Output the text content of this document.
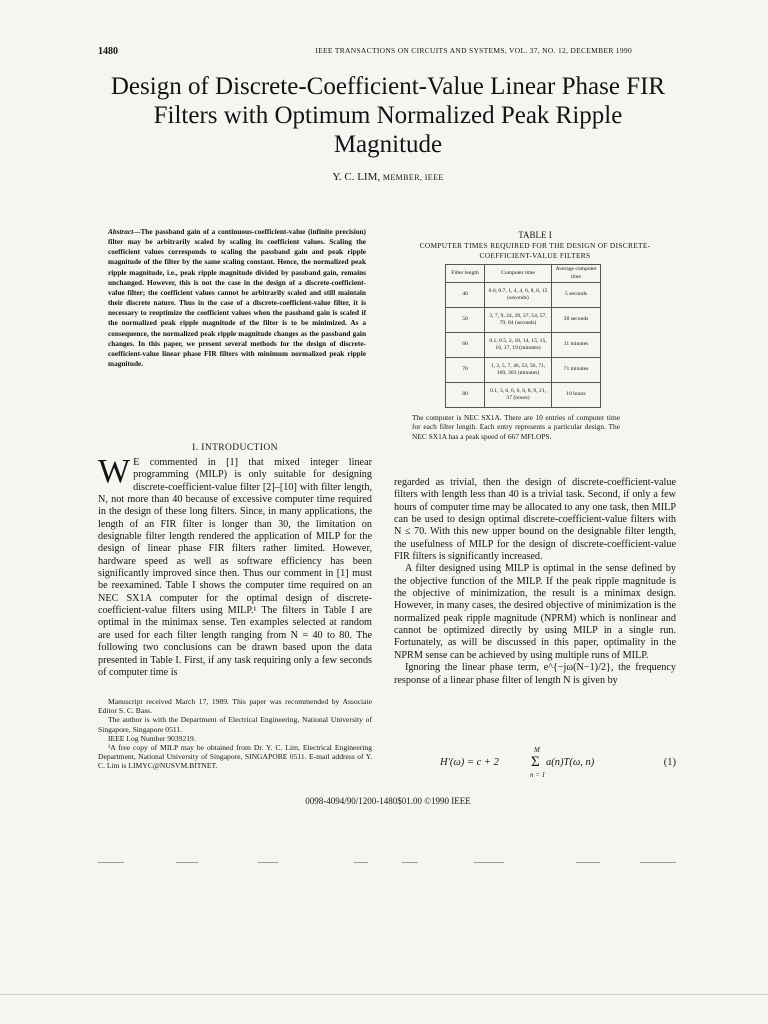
1480	IEEE TRANSACTIONS ON CIRCUITS AND SYSTEMS, VOL. 37, NO. 12, DECEMBER 1990
Design of Discrete-Coefficient-Value Linear Phase FIR Filters with Optimum Normalized Peak Ripple Magnitude
Y. C. LIM, MEMBER, IEEE

Abstract—The passband gain of a continuous-coefficient-value (infinite precision) filter may be arbitrarily scaled by scaling its coefficient values. Scaling the coefficient values corresponds to scaling the passband gain and peak ripple magnitude of the filter by the same scaling constant. Hence, the normalized peak ripple magnitude, i.e., peak ripple magnitude divided by passband gain, remains unchanged. However, this is not the case in the design of a discrete-coefficient-value filter; the coefficient values cannot be arbitrarily scaled and still maintain their discrete nature. Thus in the case of a discrete-coefficient-value filter, it is necessary to reoptimize the coefficient values when the passband gain is scaled if the normalized peak ripple magnitude of the filter is to be minimized. As a consequence, the normalized peak ripple magnitude changes as the passband gain changes. In this paper, we present several methods for the design of discrete-coefficient-value linear phase FIR filters with minimum normalized peak ripple magnitude.

I. INTRODUCTION

W E commented in [1] that mixed integer linear programming (MILP) is only suitable for designing discrete-coefficient-value filter [2]–[10] with filter length, N, not more than 40 because of excessive computer time required in the design of these long filters. Since, in many applications, the length of an FIR filter is longer than 30, the limitation on designable filter length rendered the application of MILP for the design of linear phase FIR filters rather limited. However, hardware speed as well as software efficiency has been significantly improved since then. Thus our comment in [1] must be reexamined. Table I shows the computer time required on an NEC SX1A computer for the optimal design of discrete-coefficient-value filters using MILP.¹ The filters in Table I are optimal in the minimax sense. Ten examples selected at random are used for each filter length ranging from N = 40 to 80. The following two conclusions can be drawn based upon the data presented in Table I. First, if any task requiring only a few seconds of computer time is

Manuscript received March 17, 1989. This paper was recommended by Associate Editor S. C. Bass.

The author is with the Department of Electrical Engineering, National University of Singapore, Singapore 0511.

IEEE Log Number 9039219.

¹A free copy of MILP may be obtained from Dr. Y. C. Lim, Electrical Engineering Department, National University of Singapore, SINGAPORE 0511. E-mail address of Y. C. Lim is LIMYC@NUSVM.BITNET.

TABLE I
COMPUTER TIMES REQUIRED FOR THE DESIGN OF DISCRETE-COEFFICIENT-VALUE FILTERS
Filter length	Computer time	Average computer time
40	0.6, 0.7, 1, 4, 4, 6, 8, 8, 15 (seconds)	5 seconds
50	3, 7, 9, 24, 28, 37, 54, 57, 79, 84 (seconds)	38 seconds
60	0.1, 0.5, 2, 10, 14, 15, 15, 16, 17, 19 (minutes)	11 minutes
70	1, 2, 5, 7, 46, 53, 56, 71, 169, 303 (minutes)	71 minutes
80	0.1, 3, 6, 6, 6, 6, 8, 9, 21, 37 (hours)	10 hours

The computer is NEC SX1A. There are 10 entries of computer time for each filter length. Each entry represents a particular design. The NEC SX1A has a peak speed of 667 MFLOPS.

regarded as trivial, then the design of discrete-coefficient-value filters with length less than 40 is a trivial task. Second, if only a few hours of computer time may be allocated to any one task, then MILP can be used to design optimal discrete-coefficient-value filters with N ≤ 70. With this new upper bound on the designable filter length, the usefulness of MILP for the design of discrete-coefficient-value FIR filters is significantly increased.

A filter designed using MILP is optimal in the sense defined by the objective function of the MILP. If the peak ripple magnitude is the objective of minimization, the result is a minimax design. However, in many cases, the desired objective of minimization is the normalized peak ripple magnitude (NPRM) which is nonlinear and cannot be optimized directly by using MILP in a single run. Fortunately, as will be discussed in this paper, optimality in the NPRM sense can be achieved by using multiple runs of MILP.

Ignoring the linear phase term, e^{−jω(N−1)/2}, the frequency response of a linear phase filter of length N is given by

H′(ω) = c + 2
M
Σ
n = 1
a(n)T(ω, n)	(1)
0098-4094/90/1200-1480$01.00 ©1990 IEEE
